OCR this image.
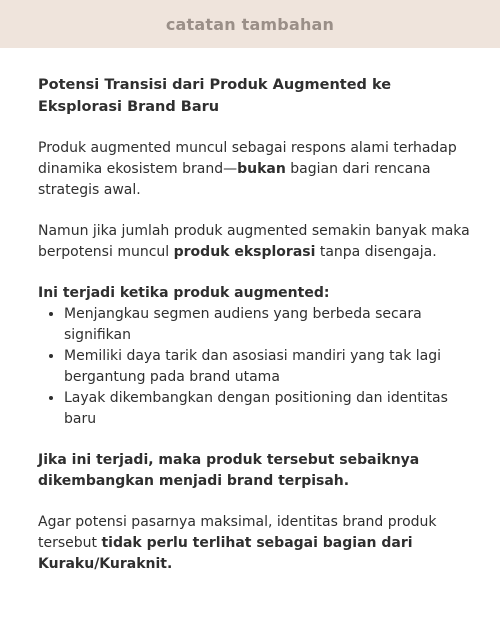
catatan tambahan

Potensi Transisi dari Produk Augmented ke Eksplorasi Brand Baru

Produk augmented muncul sebagai respons alami terhadap dinamika ekosistem brand—bukan bagian dari rencana strategis awal.

Namun jika jumlah produk augmented semakin banyak maka berpotensi muncul produk eksplorasi tanpa disengaja.

Ini terjadi ketika produk augmented:

• Menjangkau segmen audiens yang berbeda secara signifikan
• Memiliki daya tarik dan asosiasi mandiri yang tak lagi bergantung pada brand utama
• Layak dikembangkan dengan positioning dan identitas baru

Jika ini terjadi, maka produk tersebut sebaiknya dikembangkan menjadi brand terpisah.

Agar potensi pasarnya maksimal, identitas brand produk tersebut tidak perlu terlihat sebagai bagian dari Kuraku/Kuraknit.
